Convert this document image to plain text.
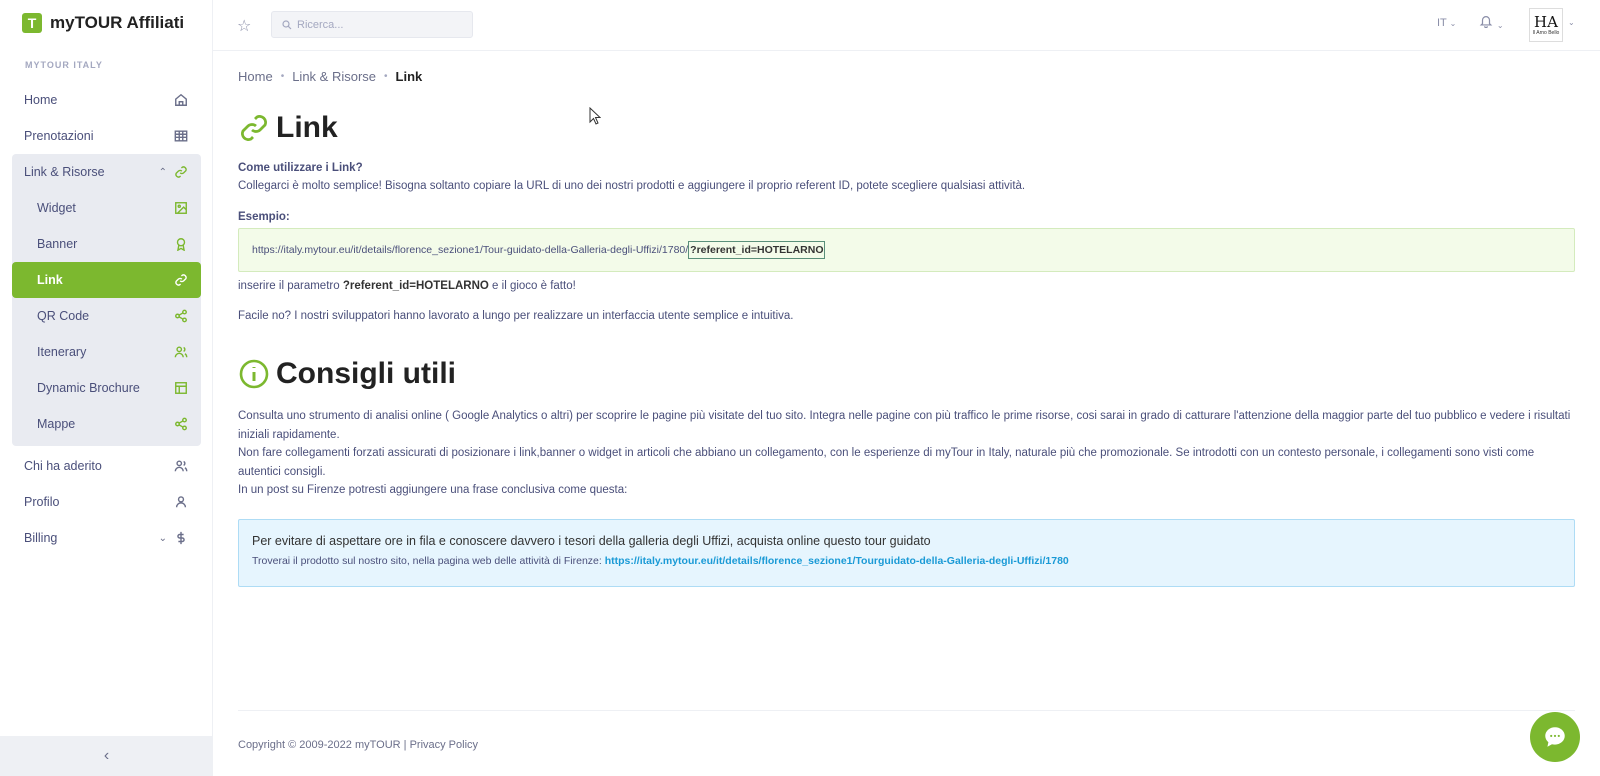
T myTOUR Affiliati
MYTOUR ITALY
Home
Prenotazioni
Link & Risorse	⌃
Widget
Banner
Link
QR Code
Itenerary
Dynamic Brochure
Mappe
Chi ha aderito
Profilo
Billing	⌄
‹
☆	Ricerca...	IT ⌄	⌄ HA
Il Arno Bello
⌄
Home • Link & Risorse • Link
Link
Come utilizzare i Link?
Collegarci è molto semplice! Bisogna soltanto copiare la URL di uno dei nostri prodotti e aggiungere il proprio referent ID, potete scegliere qualsiasi attività.
Esempio:
https://italy.mytour.eu/it/details/florence_sezione1/Tour-guidato-della-Galleria-degli-Uffizi/1780/ ?referent_id=HOTELARNO
inserire il parametro ?referent_id=HOTELARNO e il gioco è fatto!
Facile no? I nostri sviluppatori hanno lavorato a lungo per realizzare un interfaccia utente semplice e intuitiva.
Consigli utili
Consulta uno strumento di analisi online ( Google Analytics o altri) per scoprire le pagine più visitate del tuo sito. Integra nelle pagine con più traffico le prime risorse, cosi sarai in grado di catturare l'attenzione della maggior parte del tuo pubblico e vedere i risultati iniziali rapidamente.
Non fare collegamenti forzati assicurati di posizionare i link,banner o widget in articoli che abbiano un collegamento, con le esperienze di myTour in Italy, naturale più che promozionale. Se introdotti con un contesto personale, i collegamenti sono visti come autentici consigli.
In un post su Firenze potresti aggiungere una frase conclusiva come questa:
Per evitare di aspettare ore in fila e conoscere davvero i tesori della galleria degli Uffizi, acquista online questo tour guidato
Troverai il prodotto sul nostro sito, nella pagina web delle attività di Firenze: https://italy.mytour.eu/it/details/florence_sezione1/Tourguidato-della-Galleria-degli-Uffizi/1780
Copyright © 2009-2022 myTOUR | Privacy Policy
